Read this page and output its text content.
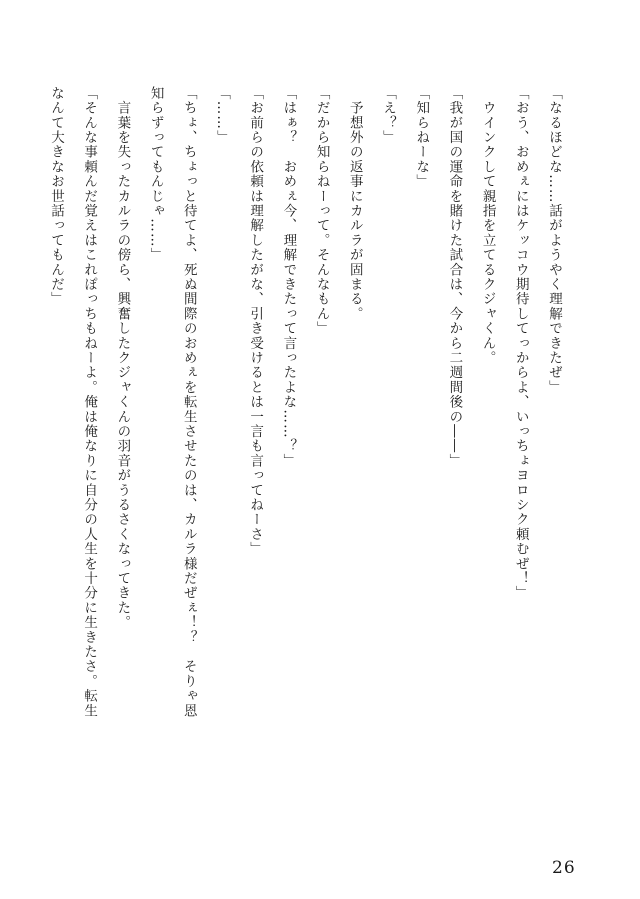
「なるほどな……話がようやく理解できたぜ」
「おう、おめぇにはケッコウ期待してっからよ、いっちょヨロシク頼むぜ！」
　ウインクして親指を立てるクジャくん。
「我が国の運命を賭けた試合は、今から二週間後の――」
「知らねーな」
「え？」
　予想外の返事にカルラが固まる。
「だから知らねーって。そんなもん」
「はぁ？　おめぇ今、理解できたって言ったよな……？」
「お前らの依頼は理解したがな、引き受けるとは一言も言ってねーさ」
「……」
「ちょ、ちょっと待てよ、死ぬ間際のおめぇを転生させたのは、カルラ様だぜぇ！？　そりゃ恩
知らずってもんじゃ……」
　言葉を失ったカルラの傍ら、興奮したクジャくんの羽音がうるさくなってきた。
「そんな事頼んだ覚えはこれぽっちもねーよ。俺は俺なりに自分の人生を十分に生きたさ。転生
なんて大きなお世話ってもんだ」
26
